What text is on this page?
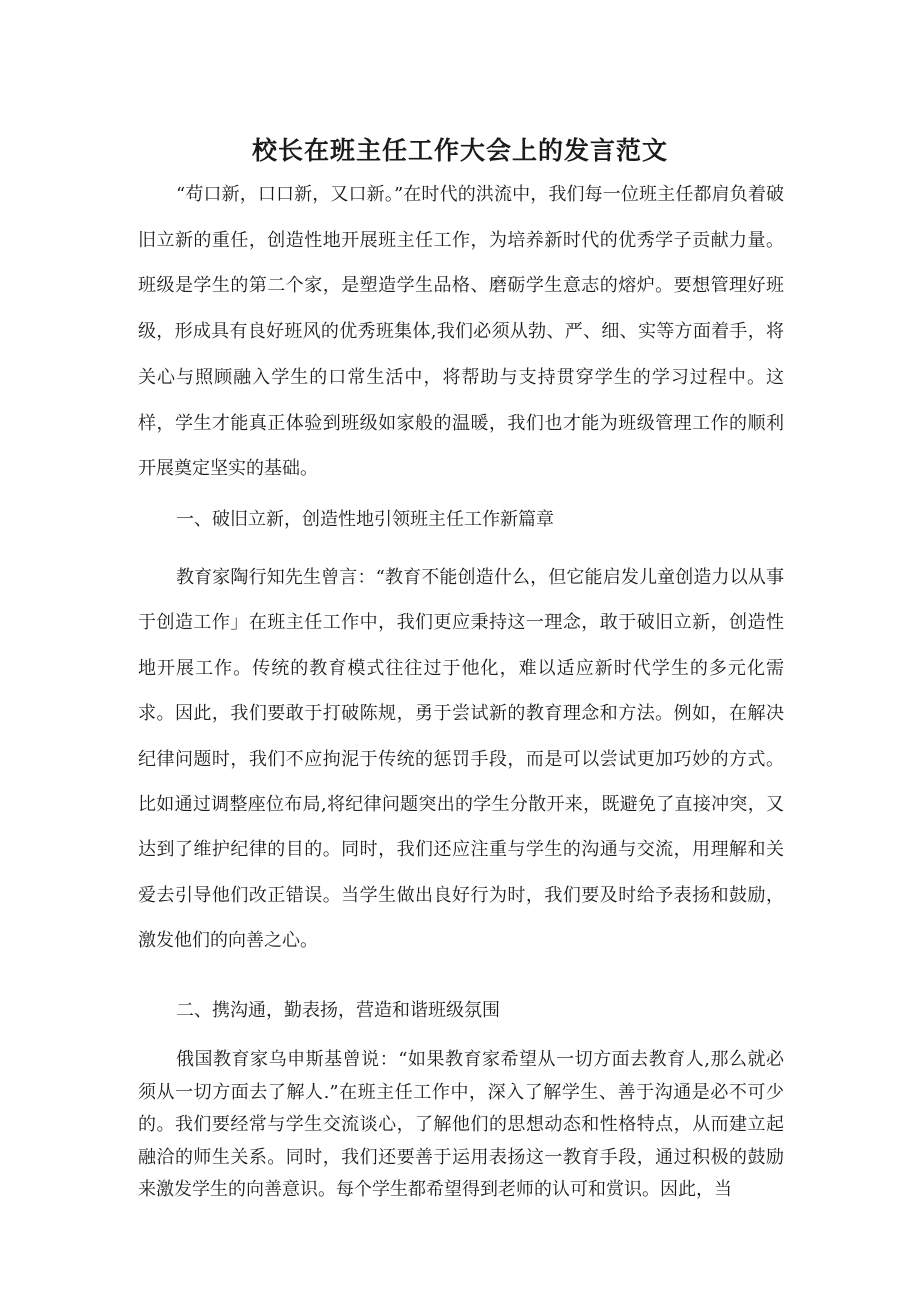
校长在班主任工作大会上的发言范文

“苟口新，口口新，又口新。”在时代的洪流中，我们每一位班主任都肩负着破旧立新的重任，创造性地开展班主任工作，为培养新时代的优秀学子贡献力量。班级是学生的第二个家，是塑造学生品格、磨砺学生意志的熔炉。要想管理好班级，形成具有良好班风的优秀班集体,我们必须从勃、严、细、实等方面着手，将关心与照顾融入学生的口常生活中，将帮助与支持贯穿学生的学习过程中。这样，学生才能真正体验到班级如家般的温暖，我们也才能为班级管理工作的顺利开展奠定坚实的基础。

一、破旧立新，创造性地引领班主任工作新篇章

教育家陶行知先生曾言：“教育不能创造什么，但它能启发儿童创造力以从事于创造工作」在班主任工作中，我们更应秉持这一理念，敢于破旧立新，创造性地开展工作。传统的教育模式往往过于他化，难以适应新时代学生的多元化需求。因此，我们要敢于打破陈规，勇于尝试新的教育理念和方法。例如，在解决纪律问题时，我们不应拘泥于传统的惩罚手段，而是可以尝试更加巧妙的方式。比如通过调整座位布局,将纪律问题突出的学生分散开来，既避免了直接冲突，又达到了维护纪律的目的。同时，我们还应注重与学生的沟通与交流，用理解和关爱去引导他们改正错误。当学生做出良好行为时，我们要及时给予表扬和鼓励，激发他们的向善之心。

二、携沟通，勤表扬，营造和谐班级氛围

俄国教育家乌申斯基曾说：“如果教育家希望从一切方面去教育人,那么就必须从一切方面去了解人.”在班主任工作中，深入了解学生、善于沟通是必不可少的。我们要经常与学生交流谈心，了解他们的思想动态和性格特点，从而建立起融洽的师生关系。同时，我们还要善于运用表扬这一教育手段，通过积极的鼓励来激发学生的向善意识。每个学生都希望得到老师的认可和赏识。因此，当
